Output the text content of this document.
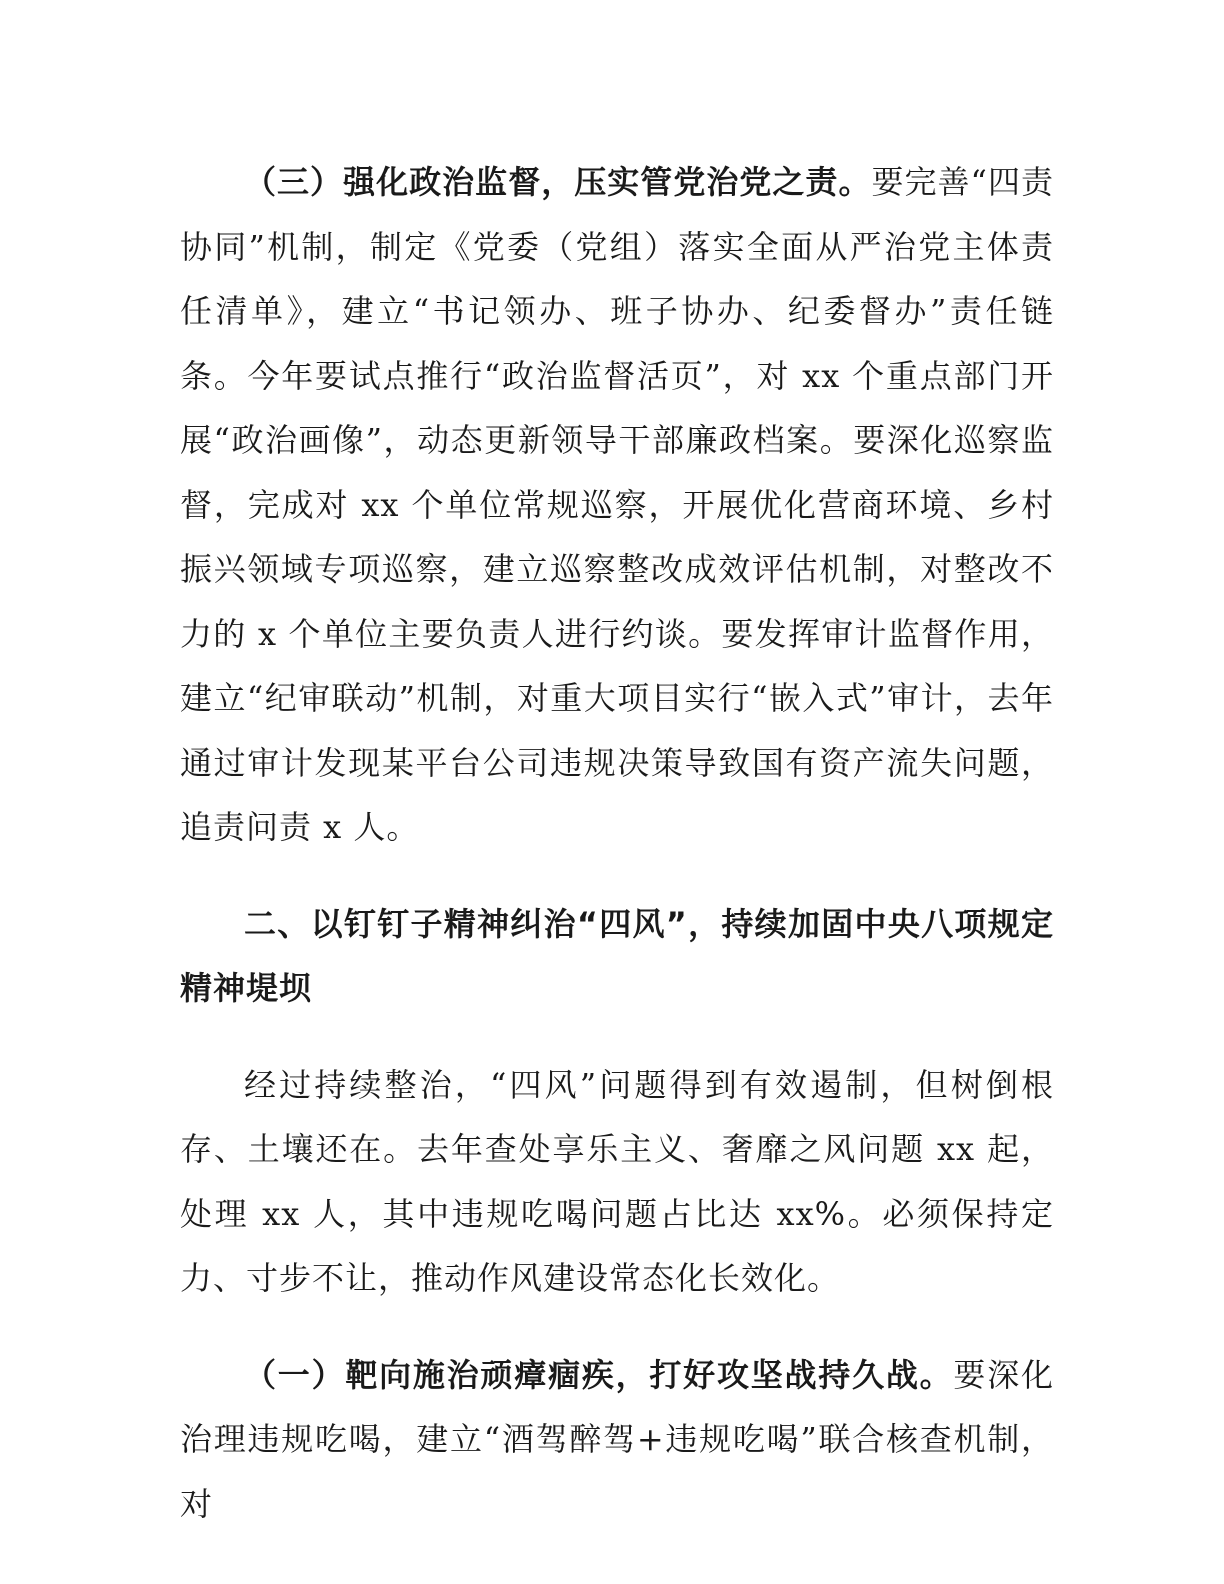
（三）强化政治监督，压实管党治党之责。要完善“四责协同”机制，制定《党委（党组）落实全面从严治党主体责任清单》，建立“书记领办、班子协办、纪委督办”责任链条。今年要试点推行“政治监督活页”，对 xx 个重点部门开展“政治画像”，动态更新领导干部廉政档案。要深化巡察监督，完成对 xx 个单位常规巡察，开展优化营商环境、乡村振兴领域专项巡察，建立巡察整改成效评估机制，对整改不力的 x 个单位主要负责人进行约谈。要发挥审计监督作用，建立“纪审联动”机制，对重大项目实行“嵌入式”审计，去年通过审计发现某平台公司违规决策导致国有资产流失问题，追责问责 x 人。

二、以钉钉子精神纠治“四风”，持续加固中央八项规定精神堤坝

经过持续整治，“四风”问题得到有效遏制，但树倒根存、土壤还在。去年查处享乐主义、奢靡之风问题 xx 起，处理 xx 人，其中违规吃喝问题占比达 xx%。必须保持定力、寸步不让，推动作风建设常态化长效化。

（一）靶向施治顽瘴痼疾，打好攻坚战持久战。要深化治理违规吃喝，建立“酒驾醉驾+违规吃喝”联合核查机制，对
